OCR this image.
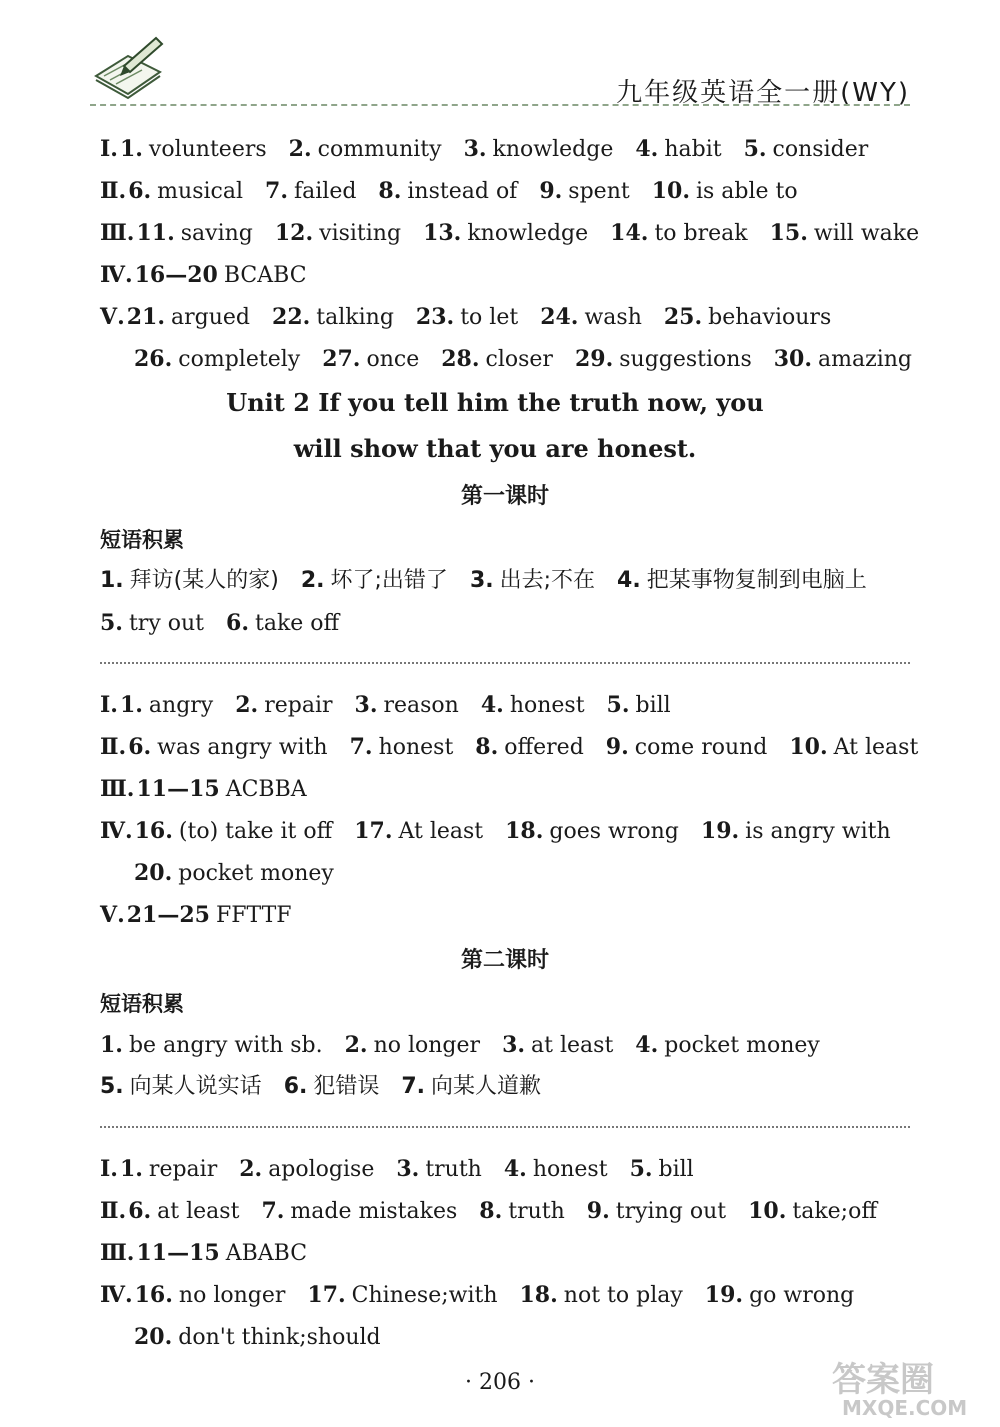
九年级英语全一册(WY)
Ⅰ.1. volunteers 2. community 3. knowledge 4. habit 5. consider
Ⅱ.6. musical 7. failed 8. instead of 9. spent 10. is able to
Ⅲ.11. saving 12. visiting 13. knowledge 14. to break 15. will wake
Ⅳ.16—20 BCABC
Ⅴ.21. argued 22. talking 23. to let 24. wash 25. behaviours
26. completely 27. once 28. closer 29. suggestions 30. amazing
Unit 2 If you tell him the truth now, you
will show that you are honest.
第一课时
短语积累
1. 拜访(某人的家) 2. 坏了;出错了 3. 出去;不在 4. 把某事物复制到电脑上
5. try out 6. take off
Ⅰ.1. angry 2. repair 3. reason 4. honest 5. bill
Ⅱ.6. was angry with 7. honest 8. offered 9. come round 10. At least
Ⅲ.11—15 ACBBA
Ⅳ.16. (to) take it off 17. At least 18. goes wrong 19. is angry with
20. pocket money
Ⅴ.21—25 FFTTF
第二课时
短语积累
1. be angry with sb. 2. no longer 3. at least 4. pocket money
5. 向某人说实话 6. 犯错误 7. 向某人道歉
Ⅰ.1. repair 2. apologise 3. truth 4. honest 5. bill
Ⅱ.6. at least 7. made mistakes 8. truth 9. trying out 10. take;off
Ⅲ.11—15 ABABC
Ⅳ.16. no longer 17. Chinese;with 18. not to play 19. go wrong
20. don't think;should
· 206 ·	答案圈
MXQE.COM
